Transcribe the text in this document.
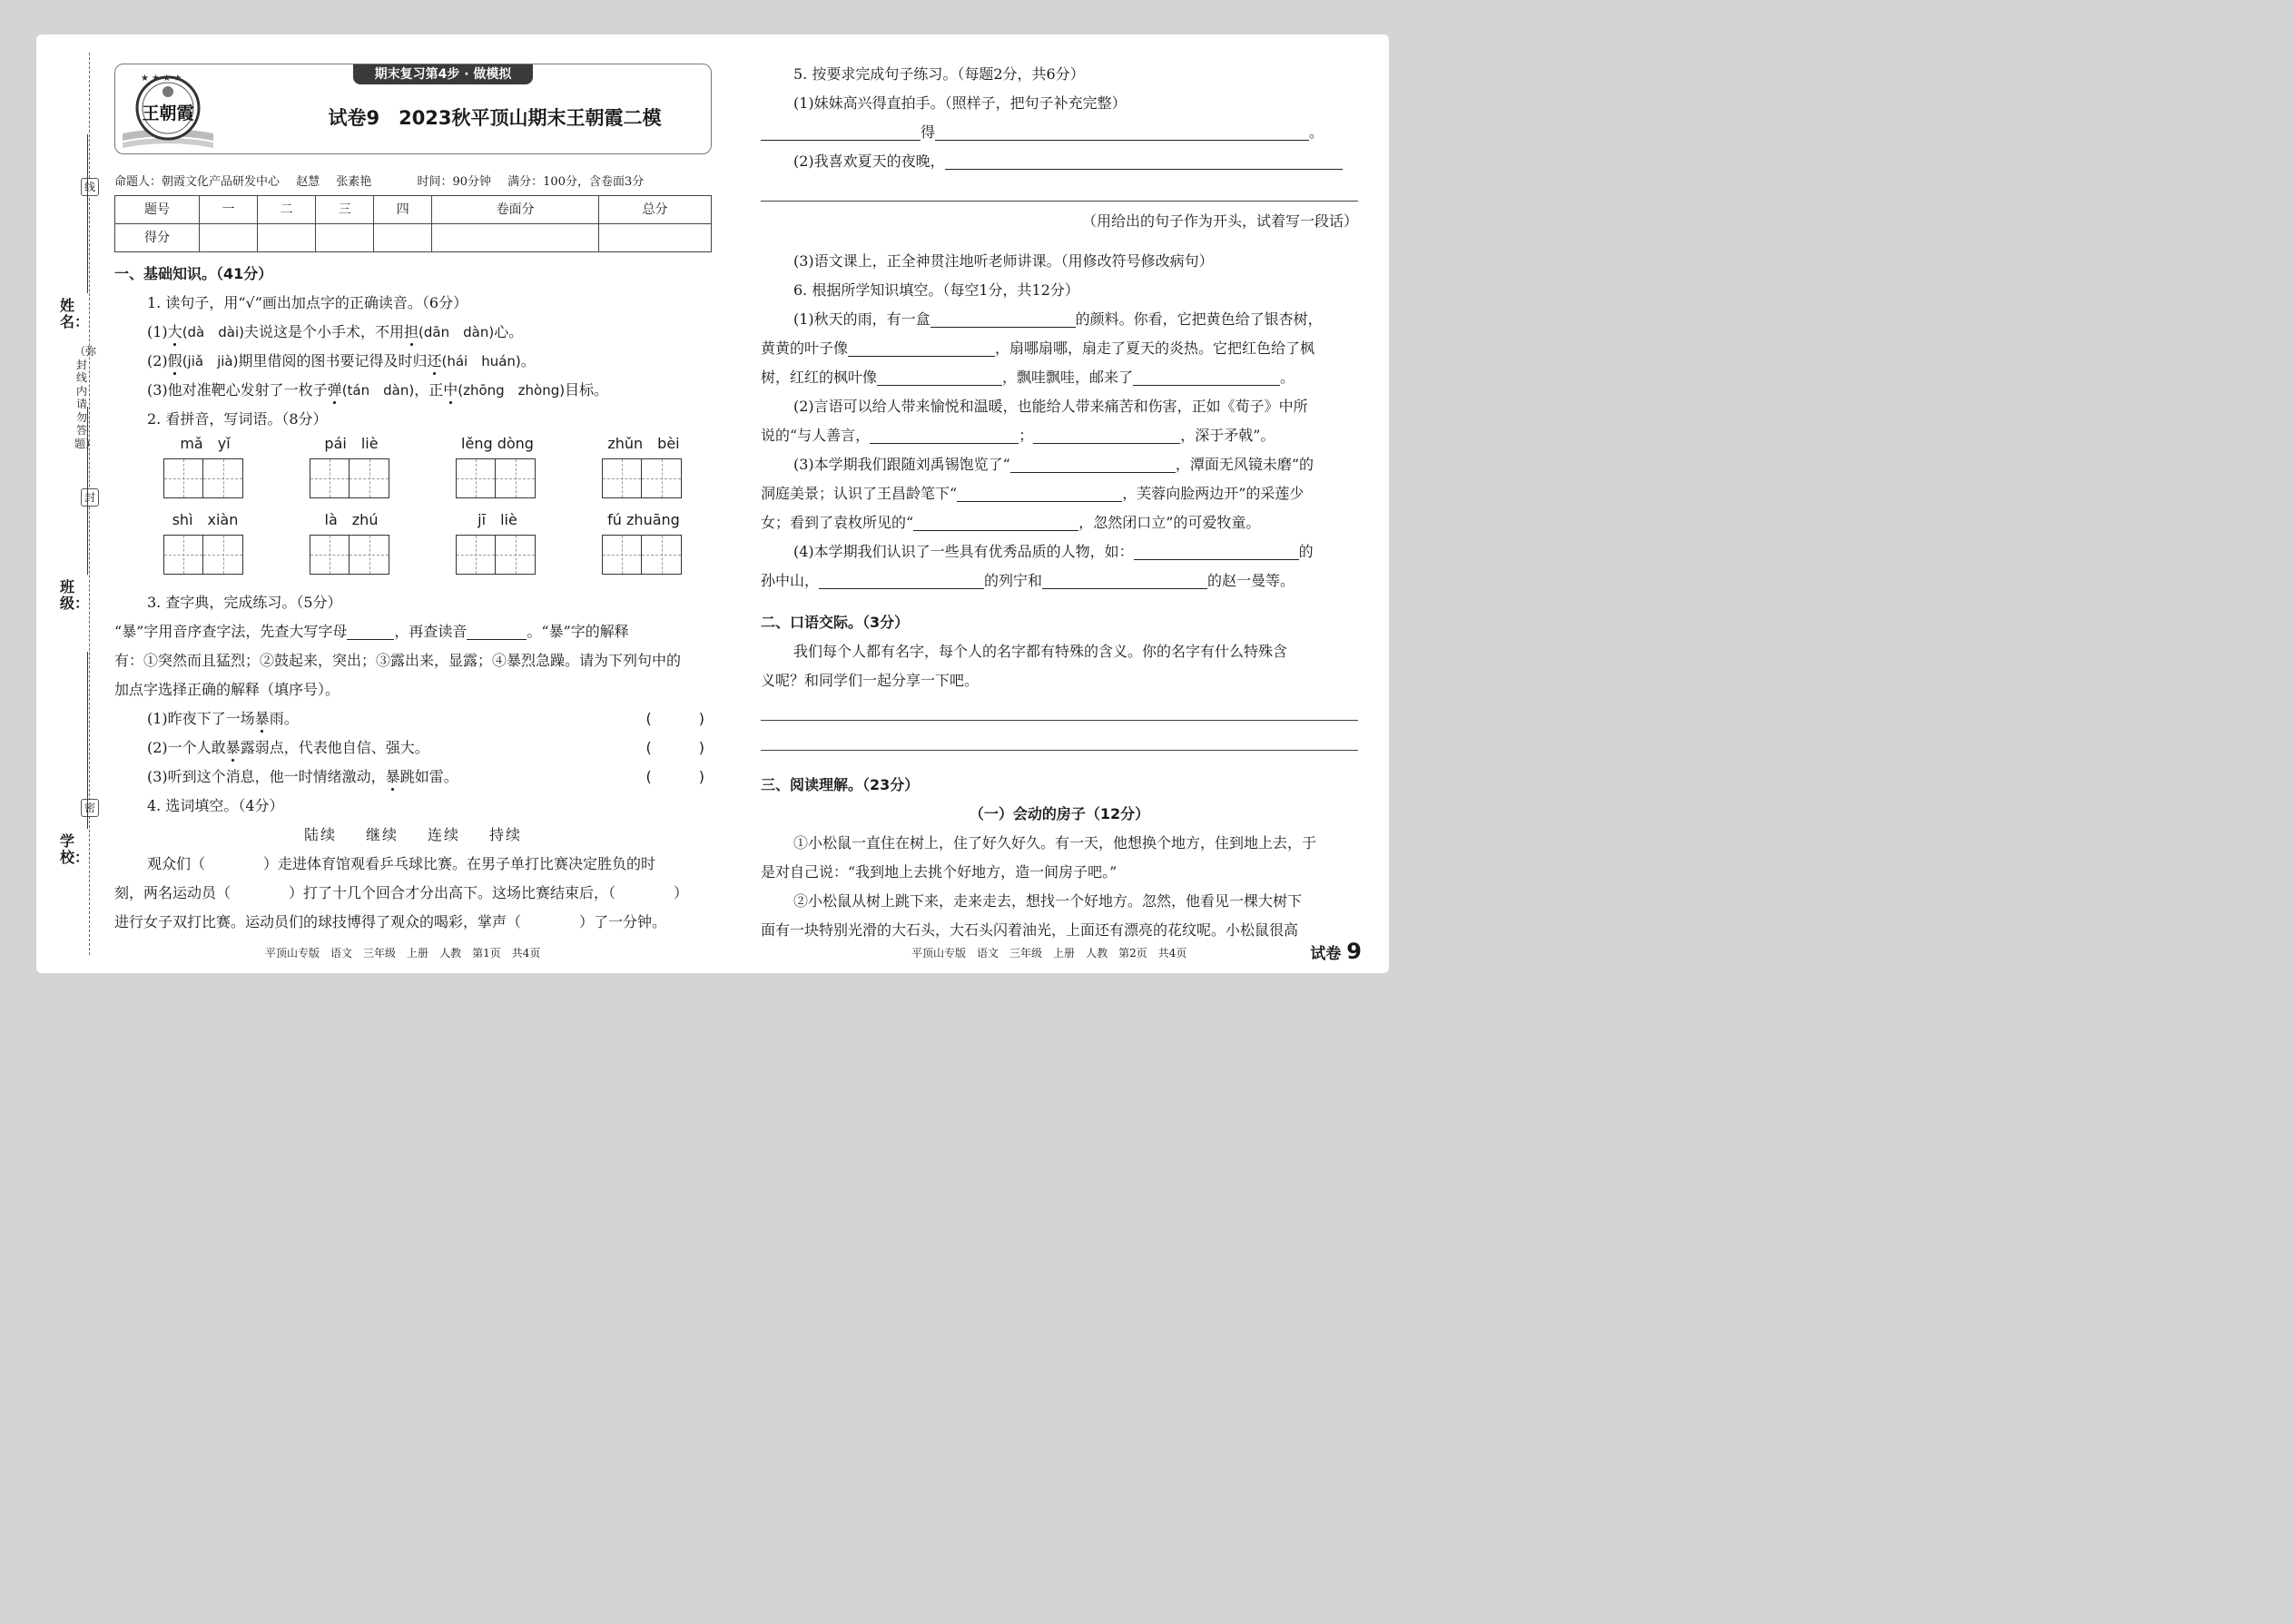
线
封
密
姓名：
班级：
学校：
（弥封线内请勿答题）
★ ★ ★ ★
王朝霞
期末复习第4步 · 做模拟
试卷9　2023秋平顶山期末王朝霞二模
命题人：朝霞文化产品研发中心 赵慧 张素艳	时间：90分钟 满分：100分，含卷面3分
题号	一	二	三	四	卷面分	总分
得分						

一、基础知识。（41分）

1. 读句子，用“√”画出加点字的正确读音。（6分）

(1)大(dà　dài)夫说这是个小手术，不用担(dān　dàn)心。

(2)假(jiǎ　jià)期里借阅的图书要记得及时归还(hái　huán)。

(3)他对准靶心发射了一枚子弹(tán　dàn)，正中(zhōng　zhòng)目标。

2. 看拼音，写词语。（8分）

mǎ　yǐ	pái　liè	lěng dòng	zhǔn　bèi
shì　xiàn	là　zhú	jī　liè	fú zhuāng

3. 查字典，完成练习。（5分）

“暴”字用音序查字法，先查大写字母	，再查读音	。“暴”字的解释

有：①突然而且猛烈；②鼓起来，突出；③露出来，显露；④暴烈急躁。请为下列句中的

加点字选择正确的解释（填序号）。

(1)昨夜下了一场暴雨。	(　)

(2)一个人敢暴露弱点，代表他自信、强大。	(　)

(3)听到这个消息，他一时情绪激动，暴跳如雷。	(　)

4. 选词填空。（4分）

陆续 继续 连续 持续

观众们（　　　　）走进体育馆观看乒乓球比赛。在男子单打比赛决定胜负的时

刻，两名运动员（　　　　）打了十几个回合才分出高下。这场比赛结束后，（　　　　）

进行女子双打比赛。运动员们的球技博得了观众的喝彩，掌声（　　　　）了一分钟。

5. 按要求完成句子练习。（每题2分，共6分）

(1)妹妹高兴得直拍手。（照样子，把句子补充完整）

得	。

(2)我喜欢夏天的夜晚，

（用给出的句子作为开头，试着写一段话）

(3)语文课上，正全神贯注地听老师讲课。（用修改符号修改病句）

6. 根据所学知识填空。（每空1分，共12分）

(1)秋天的雨，有一盒	的颜料。你看，它把黄色给了银杏树，

黄黄的叶子像	，扇哪扇哪，扇走了夏天的炎热。它把红色给了枫

树，红红的枫叶像	，飘哇飘哇，邮来了	。

(2)言语可以给人带来愉悦和温暖，也能给人带来痛苦和伤害，正如《荀子》中所

说的“与人善言，	；	，深于矛戟”。

(3)本学期我们跟随刘禹锡饱览了“	，潭面无风镜未磨”的

洞庭美景；认识了王昌龄笔下“	，芙蓉向脸两边开”的采莲少

女；看到了袁枚所见的“	，忽然闭口立”的可爱牧童。

(4)本学期我们认识了一些具有优秀品质的人物，如：	的

孙中山，	的列宁和	的赵一曼等。

二、口语交际。（3分）

我们每个人都有名字，每个人的名字都有特殊的含义。你的名字有什么特殊含

义呢？和同学们一起分享一下吧。

三、阅读理解。（23分）

（一）会动的房子（12分）

①小松鼠一直住在树上，住了好久好久。有一天，他想换个地方，住到地上去，于

是对自己说：“我到地上去挑个好地方，造一间房子吧。”

②小松鼠从树上跳下来，走来走去，想找一个好地方。忽然，他看见一棵大树下

面有一块特别光滑的大石头，大石头闪着油光，上面还有漂亮的花纹呢。小松鼠很高

平顶山专版 语文 三年级 上册 人教 第1页 共4页	平顶山专版 语文 三年级 上册 人教 第2页 共4页	试卷 9
